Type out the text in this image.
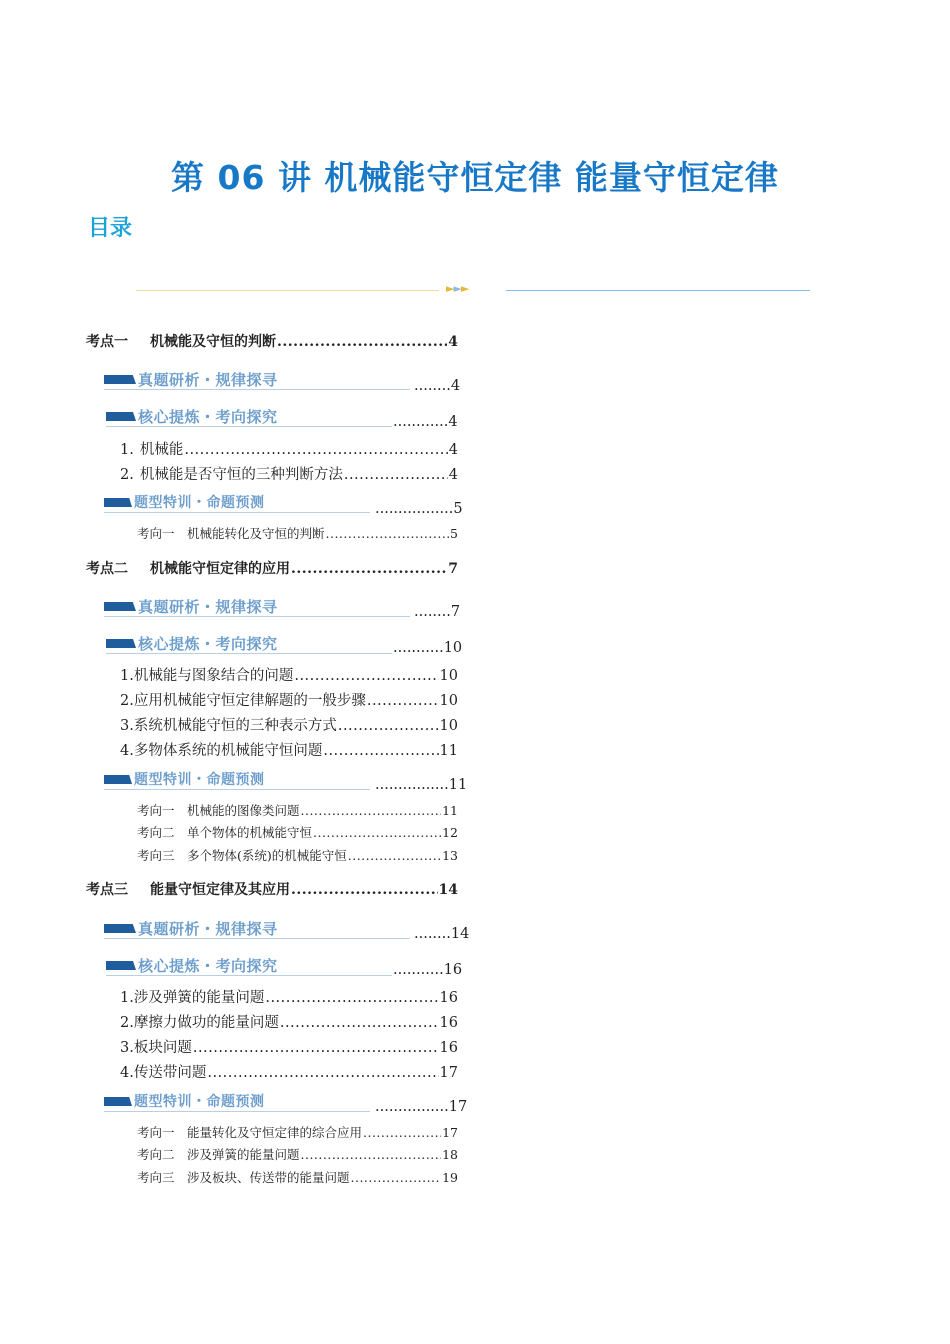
第 06 讲 机械能守恒定律 能量守恒定律
目录
►►►
考点一	机械能及守恒的判断 .....	4
真题研析・规律探寻	........4
核心提炼・考向探究	............4
1. 机械能 .....	4
2. 机械能是否守恒的三种判断方法 .....	4
题型特训・命题预测	.................5
考向一 机械能转化及守恒的判断 .....	5
考点二	机械能守恒定律的应用 .....	7
真题研析・规律探寻	........7
核心提炼・考向探究	...........10
1. 机械能与图象结合的问题 .....	10
2. 应用机械能守恒定律解题的一般步骤 .....	10
3. 系统机械能守恒的三种表示方式 .....	10
4. 多物体系统的机械能守恒问题 .....	11
题型特训・命题预测	................11
考向一 机械能的图像类问题 .....	11
考向二 单个物体的机械能守恒 .....	12
考向三 多个物体(系统)的机械能守恒 .....	13
考点三	能量守恒定律及其应用 .....	14
真题研析・规律探寻	........14
核心提炼・考向探究	...........16
1. 涉及弹簧的能量问题 .....	16
2. 摩擦力做功的能量问题 .....	16
3. 板块问题 .....	16
4. 传送带问题 .....	17
题型特训・命题预测	................17
考向一 能量转化及守恒定律的综合应用 .....	17
考向二 涉及弹簧的能量问题 .....	18
考向三 涉及板块、传送带的能量问题 .....	19
